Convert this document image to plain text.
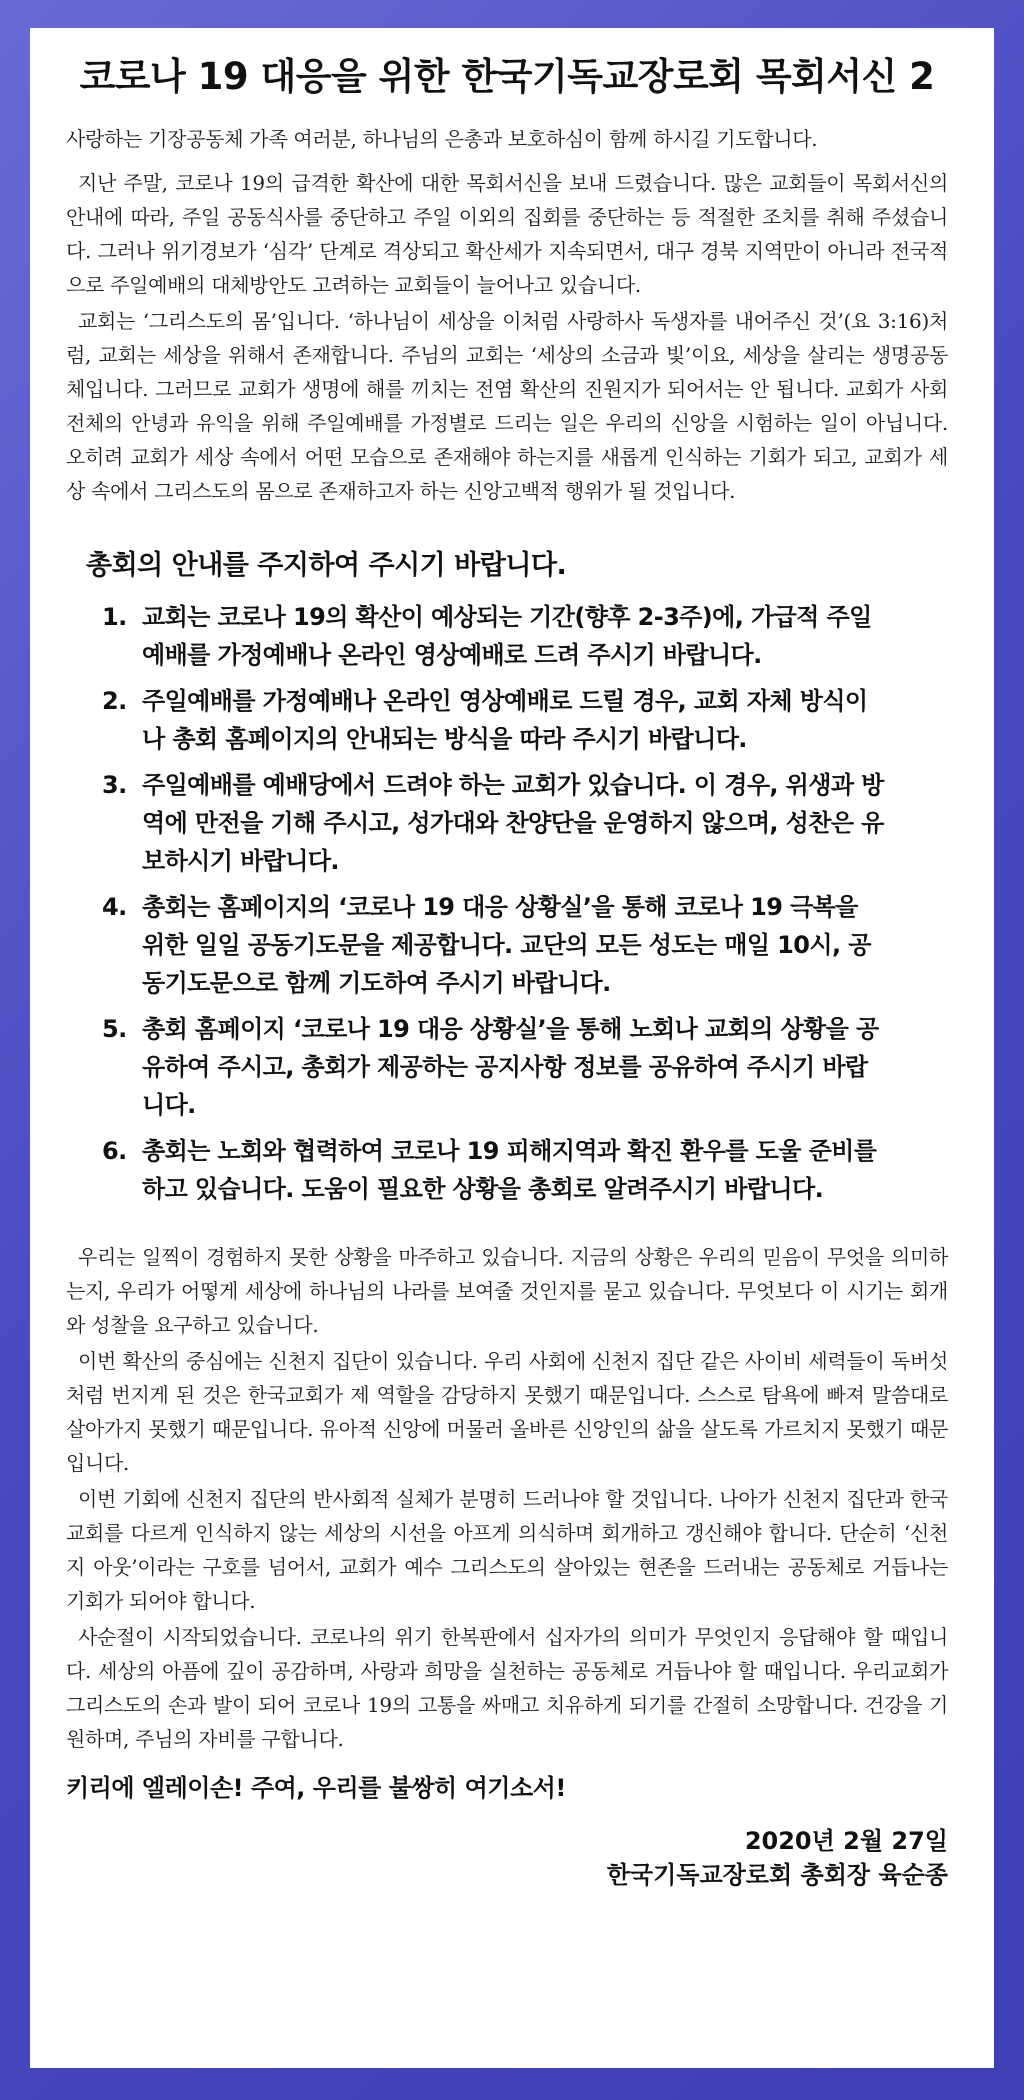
코로나 19 대응을 위한 한국기독교장로회 목회서신 2

사랑하는 기장공동체 가족 여러분, 하나님의 은총과 보호하심이 함께 하시길 기도합니다.

지난 주말, 코로나 19의 급격한 확산에 대한 목회서신을 보내 드렸습니다. 많은 교회들이 목회서신의 안내에 따라, 주일 공동식사를 중단하고 주일 이외의 집회를 중단하는 등 적절한 조치를 취해 주셨습니다. 그러나 위기경보가 ‘심각’ 단계로 격상되고 확산세가 지속되면서, 대구 경북 지역만이 아니라 전국적으로 주일예배의 대체방안도 고려하는 교회들이 늘어나고 있습니다.

교회는 ‘그리스도의 몸’입니다. ‘하나님이 세상을 이처럼 사랑하사 독생자를 내어주신 것’(요 3:16)처럼, 교회는 세상을 위해서 존재합니다. 주님의 교회는 ‘세상의 소금과 빛’이요, 세상을 살리는 생명공동체입니다. 그러므로 교회가 생명에 해를 끼치는 전염 확산의 진원지가 되어서는 안 됩니다. 교회가 사회 전체의 안녕과 유익을 위해 주일예배를 가정별로 드리는 일은 우리의 신앙을 시험하는 일이 아닙니다. 오히려 교회가 세상 속에서 어떤 모습으로 존재해야 하는지를 새롭게 인식하는 기회가 되고, 교회가 세상 속에서 그리스도의 몸으로 존재하고자 하는 신앙고백적 행위가 될 것입니다.

총회의 안내를 주지하여 주시기 바랍니다.
1. 교회는 코로나 19의 확산이 예상되는 기간(향후 2-3주)에, 가급적 주일예배를 가정예배나 온라인 영상예배로 드려 주시기 바랍니다.
2. 주일예배를 가정예배나 온라인 영상예배로 드릴 경우, 교회 자체 방식이나 총회 홈페이지의 안내되는 방식을 따라 주시기 바랍니다.
3. 주일예배를 예배당에서 드려야 하는 교회가 있습니다. 이 경우, 위생과 방역에 만전을 기해 주시고, 성가대와 찬양단을 운영하지 않으며, 성찬은 유보하시기 바랍니다.
4. 총회는 홈페이지의 ‘코로나 19 대응 상황실’을 통해 코로나 19 극복을 위한 일일 공동기도문을 제공합니다. 교단의 모든 성도는 매일 10시, 공동기도문으로 함께 기도하여 주시기 바랍니다.
5. 총회 홈페이지 ‘코로나 19 대응 상황실’을 통해 노회나 교회의 상황을 공유하여 주시고, 총회가 제공하는 공지사항 정보를 공유하여 주시기 바랍니다.
6. 총회는 노회와 협력하여 코로나 19 피해지역과 확진 환우를 도울 준비를 하고 있습니다. 도움이 필요한 상황을 총회로 알려주시기 바랍니다.

우리는 일찍이 경험하지 못한 상황을 마주하고 있습니다. 지금의 상황은 우리의 믿음이 무엇을 의미하는지, 우리가 어떻게 세상에 하나님의 나라를 보여줄 것인지를 묻고 있습니다. 무엇보다 이 시기는 회개와 성찰을 요구하고 있습니다.

이번 확산의 중심에는 신천지 집단이 있습니다. 우리 사회에 신천지 집단 같은 사이비 세력들이 독버섯처럼 번지게 된 것은 한국교회가 제 역할을 감당하지 못했기 때문입니다. 스스로 탐욕에 빠져 말씀대로 살아가지 못했기 때문입니다. 유아적 신앙에 머물러 올바른 신앙인의 삶을 살도록 가르치지 못했기 때문입니다.

이번 기회에 신천지 집단의 반사회적 실체가 분명히 드러나야 할 것입니다. 나아가 신천지 집단과 한국교회를 다르게 인식하지 않는 세상의 시선을 아프게 의식하며 회개하고 갱신해야 합니다. 단순히 ‘신천지 아웃’이라는 구호를 넘어서, 교회가 예수 그리스도의 살아있는 현존을 드러내는 공동체로 거듭나는 기회가 되어야 합니다.

사순절이 시작되었습니다. 코로나의 위기 한복판에서 십자가의 의미가 무엇인지 응답해야 할 때입니다. 세상의 아픔에 깊이 공감하며, 사랑과 희망을 실천하는 공동체로 거듭나야 할 때입니다. 우리교회가 그리스도의 손과 발이 되어 코로나 19의 고통을 싸매고 치유하게 되기를 간절히 소망합니다. 건강을 기원하며, 주님의 자비를 구합니다.

키리에 엘레이손! 주여, 우리를 불쌍히 여기소서!
2020년 2월 27일
한국기독교장로회 총회장 육순종
